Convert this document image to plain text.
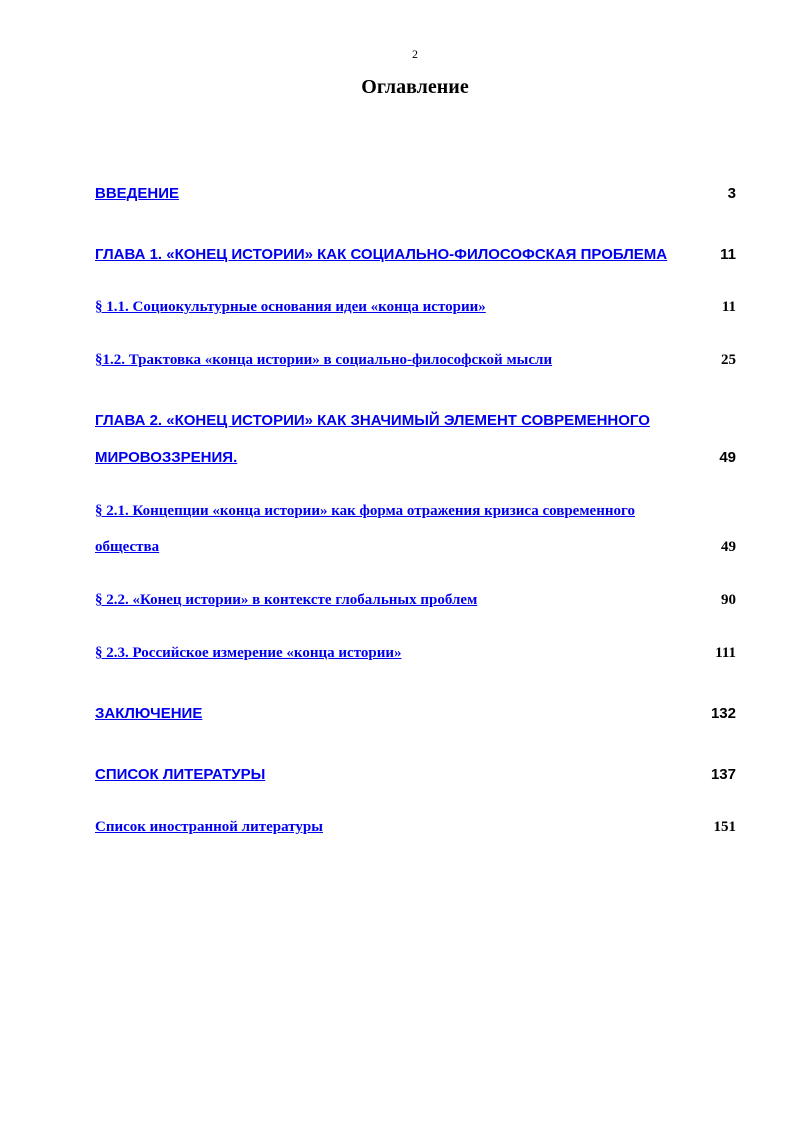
2
Оглавление
ВВЕДЕНИЕ	3
ГЛАВА 1. «КОНЕЦ ИСТОРИИ» КАК СОЦИАЛЬНО-ФИЛОСОФСКАЯ ПРОБЛЕМА	11
§ 1.1. Социокультурные основания идеи «конца истории»	11
§1.2. Трактовка «конца истории» в социально-философской мысли	25
ГЛАВА 2. «КОНЕЦ ИСТОРИИ» КАК ЗНАЧИМЫЙ ЭЛЕМЕНТ СОВРЕМЕННОГО
МИРОВОЗЗРЕНИЯ.	49
§ 2.1. Концепции «конца истории» как форма отражения кризиса современного
общества	49
§ 2.2. «Конец истории» в контексте глобальных проблем	90
§ 2.3. Российское измерение «конца истории»	111
ЗАКЛЮЧЕНИЕ	132
СПИСОК ЛИТЕРАТУРЫ	137
Список иностранной литературы	151
